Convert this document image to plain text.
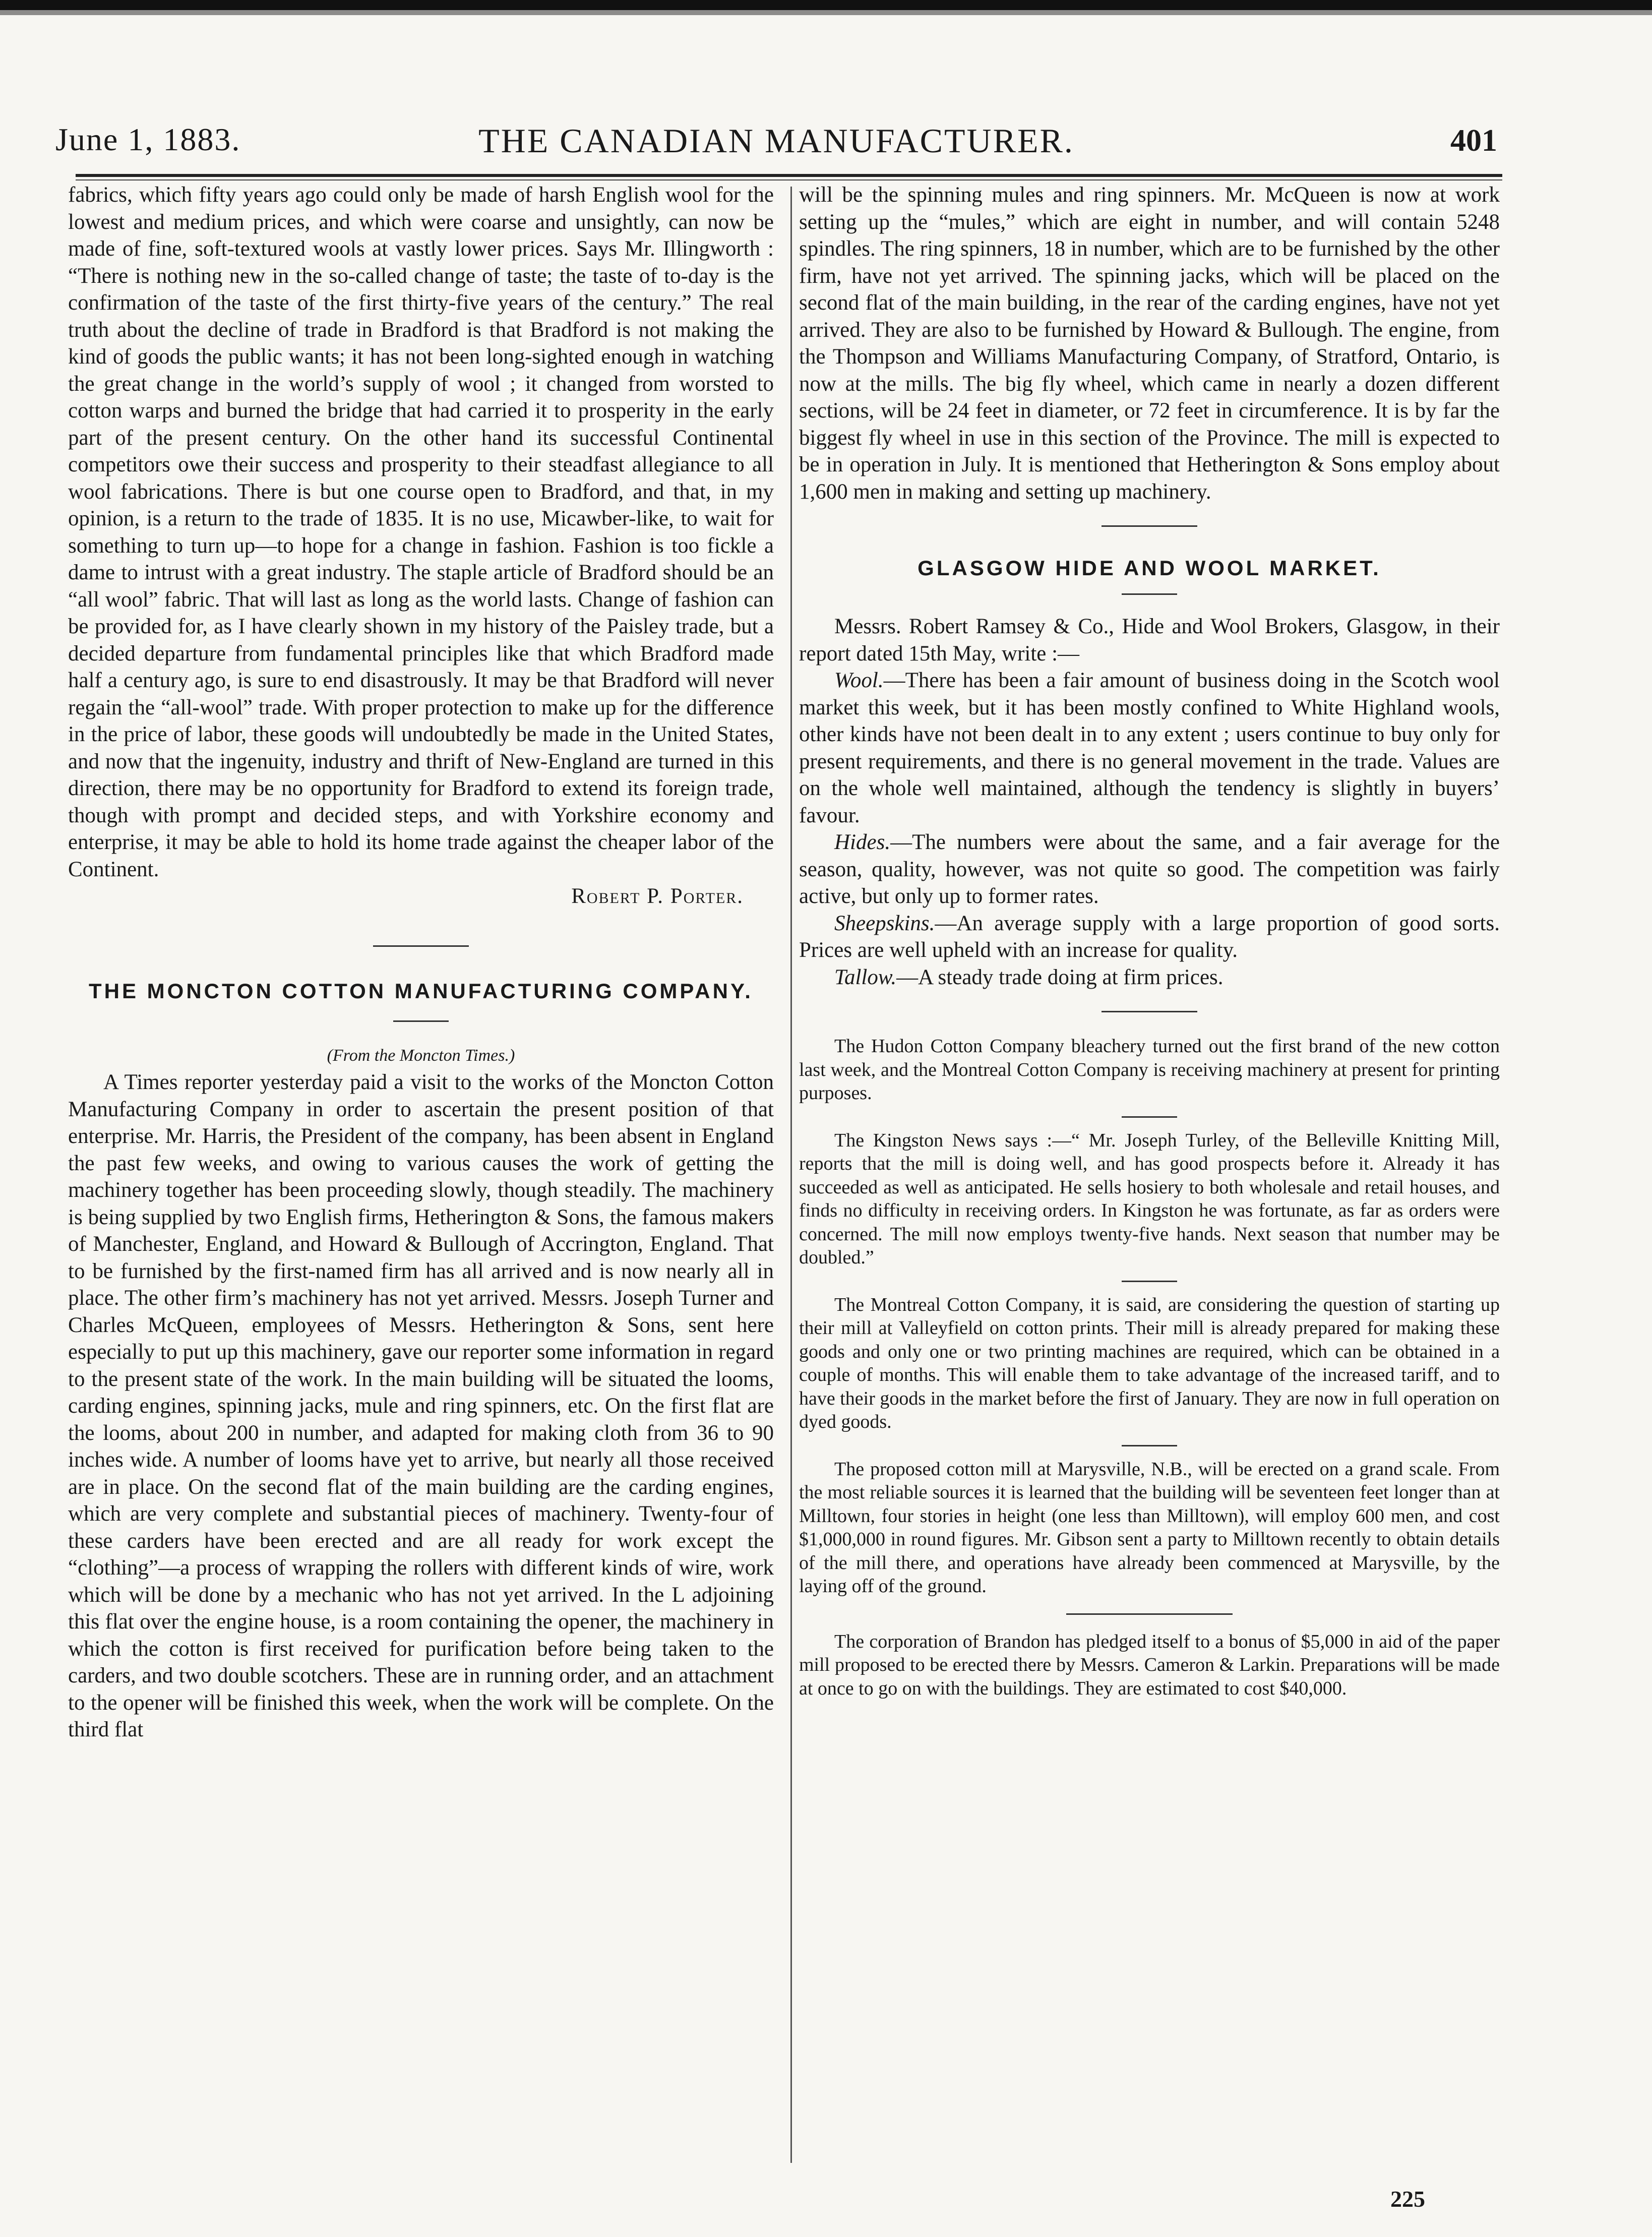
June 1, 1883.	THE CANADIAN MANUFACTURER.	401

fabrics, which fifty years ago could only be made of harsh English wool for the lowest and medium prices, and which were coarse and unsightly, can now be made of fine, soft-textured wools at vastly lower prices. Says Mr. Illingworth : “There is nothing new in the so-called change of taste; the taste of to-day is the confirmation of the taste of the first thirty-five years of the century.” The real truth about the decline of trade in Bradford is that Bradford is not making the kind of goods the public wants; it has not been long-sighted enough in watching the great change in the world’s supply of wool ; it changed from worsted to cotton warps and burned the bridge that had carried it to prosperity in the early part of the present century. On the other hand its successful Continental competitors owe their success and prosperity to their steadfast allegiance to all wool fabrications. There is but one course open to Bradford, and that, in my opinion, is a return to the trade of 1835. It is no use, Micawber-like, to wait for something to turn up—to hope for a change in fashion. Fashion is too fickle a dame to intrust with a great industry. The staple article of Bradford should be an “all wool” fabric. That will last as long as the world lasts. Change of fashion can be provided for, as I have clearly shown in my history of the Paisley trade, but a decided departure from fundamental principles like that which Bradford made half a century ago, is sure to end disastrously. It may be that Bradford will never regain the “all-wool” trade. With proper protection to make up for the difference in the price of labor, these goods will undoubtedly be made in the United States, and now that the ingenuity, industry and thrift of New-England are turned in this direction, there may be no opportunity for Bradford to extend its foreign trade, though with prompt and decided steps, and with Yorkshire economy and enterprise, it may be able to hold its home trade against the cheaper labor of the Continent.

Robert P. Porter.

THE MONCTON COTTON MANUFACTURING COMPANY.

(From the Moncton Times.)

A Times reporter yesterday paid a visit to the works of the Moncton Cotton Manufacturing Company in order to ascertain the present position of that enterprise. Mr. Harris, the President of the company, has been absent in England the past few weeks, and owing to various causes the work of getting the machinery together has been proceeding slowly, though steadily. The machinery is being supplied by two English firms, Hetherington & Sons, the famous makers of Manchester, England, and Howard & Bullough of Accrington, England. That to be furnished by the first-named firm has all arrived and is now nearly all in place. The other firm’s machinery has not yet arrived. Messrs. Joseph Turner and Charles McQueen, employees of Messrs. Hetherington & Sons, sent here especially to put up this machinery, gave our reporter some information in regard to the present state of the work. In the main building will be situated the looms, carding engines, spinning jacks, mule and ring spinners, etc. On the first flat are the looms, about 200 in number, and adapted for making cloth from 36 to 90 inches wide. A number of looms have yet to arrive, but nearly all those received are in place. On the second flat of the main building are the carding engines, which are very complete and substantial pieces of machinery. Twenty-four of these carders have been erected and are all ready for work except the “clothing”—a process of wrapping the rollers with different kinds of wire, work which will be done by a mechanic who has not yet arrived. In the L adjoining this flat over the engine house, is a room containing the opener, the machinery in which the cotton is first received for purification before being taken to the carders, and two double scotchers. These are in running order, and an attachment to the opener will be finished this week, when the work will be complete. On the third flat

will be the spinning mules and ring spinners. Mr. McQueen is now at work setting up the “mules,” which are eight in number, and will contain 5248 spindles. The ring spinners, 18 in number, which are to be furnished by the other firm, have not yet arrived. The spinning jacks, which will be placed on the second flat of the main building, in the rear of the carding engines, have not yet arrived. They are also to be furnished by Howard & Bullough. The engine, from the Thompson and Williams Manufacturing Company, of Stratford, Ontario, is now at the mills. The big fly wheel, which came in nearly a dozen different sections, will be 24 feet in diameter, or 72 feet in circumference. It is by far the biggest fly wheel in use in this section of the Province. The mill is expected to be in operation in July. It is mentioned that Hetherington & Sons employ about 1,600 men in making and setting up machinery.

GLASGOW HIDE AND WOOL MARKET.

Messrs. Robert Ramsey & Co., Hide and Wool Brokers, Glasgow, in their report dated 15th May, write :—

Wool.—There has been a fair amount of business doing in the Scotch wool market this week, but it has been mostly confined to White Highland wools, other kinds have not been dealt in to any extent ; users continue to buy only for present requirements, and there is no general movement in the trade. Values are on the whole well maintained, although the tendency is slightly in buyers’ favour.

Hides.—The numbers were about the same, and a fair average for the season, quality, however, was not quite so good. The competition was fairly active, but only up to former rates.

Sheepskins.—An average supply with a large proportion of good sorts. Prices are well upheld with an increase for quality.

Tallow.—A steady trade doing at firm prices.

The Hudon Cotton Company bleachery turned out the first brand of the new cotton last week, and the Montreal Cotton Company is receiving machinery at present for printing purposes.

The Kingston News says :—“ Mr. Joseph Turley, of the Belleville Knitting Mill, reports that the mill is doing well, and has good prospects before it. Already it has succeeded as well as anticipated. He sells hosiery to both wholesale and retail houses, and finds no difficulty in receiving orders. In Kingston he was fortunate, as far as orders were concerned. The mill now employs twenty-five hands. Next season that number may be doubled.”

The Montreal Cotton Company, it is said, are considering the question of starting up their mill at Valleyfield on cotton prints. Their mill is already prepared for making these goods and only one or two printing machines are required, which can be obtained in a couple of months. This will enable them to take advantage of the increased tariff, and to have their goods in the market before the first of January. They are now in full operation on dyed goods.

The proposed cotton mill at Marysville, N.B., will be erected on a grand scale. From the most reliable sources it is learned that the building will be seventeen feet longer than at Milltown, four stories in height (one less than Milltown), will employ 600 men, and cost $1,000,000 in round figures. Mr. Gibson sent a party to Milltown recently to obtain details of the mill there, and operations have already been commenced at Marysville, by the laying off of the ground.

The corporation of Brandon has pledged itself to a bonus of $5,000 in aid of the paper mill proposed to be erected there by Messrs. Cameron & Larkin. Preparations will be made at once to go on with the buildings. They are estimated to cost $40,000.

225
